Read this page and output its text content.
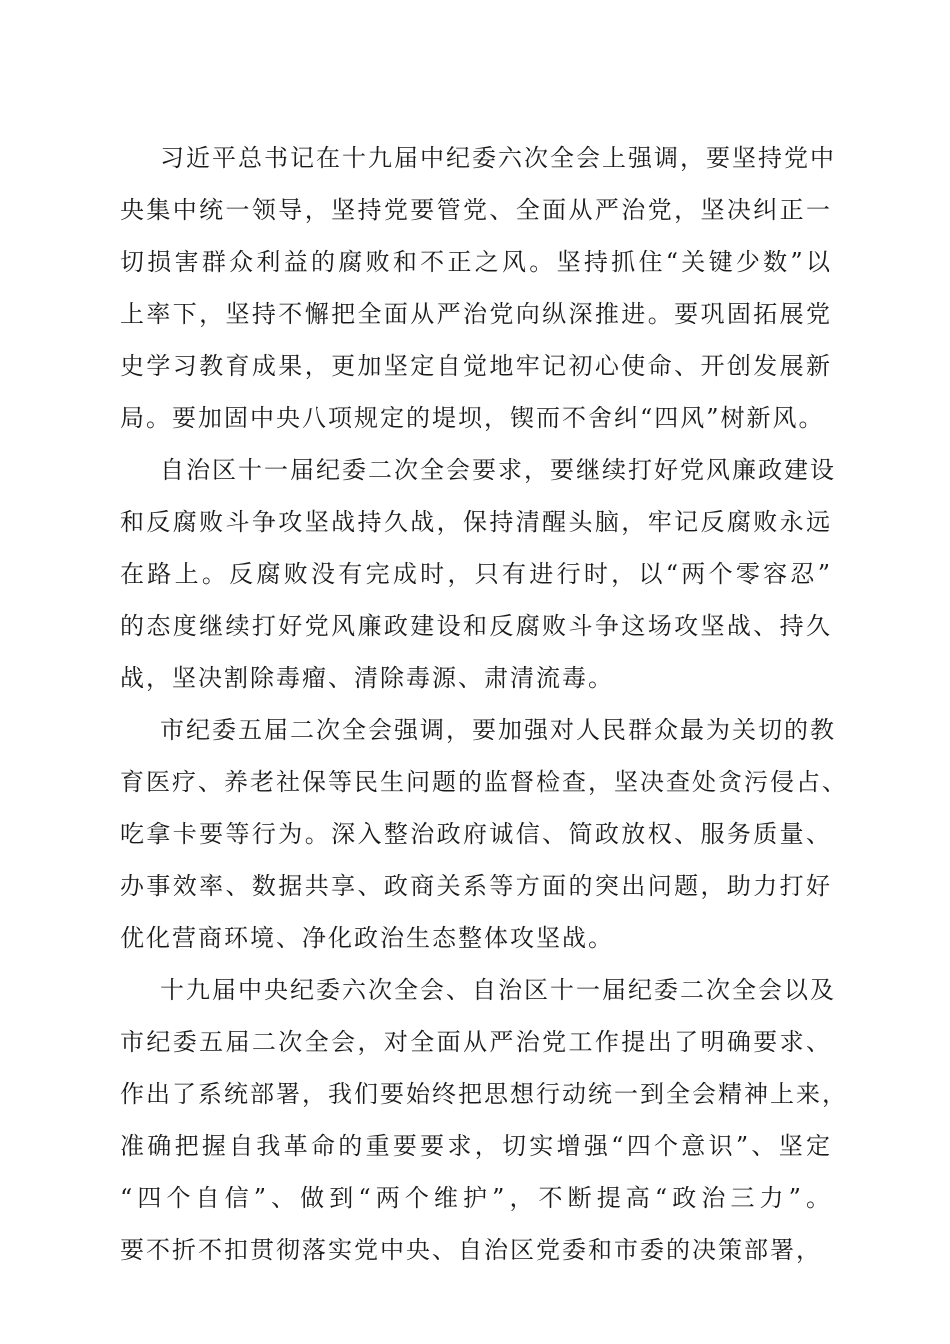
习近平总书记在十九届中纪委六次全会上强调，要坚持党中
央集中统一领导，坚持党要管党、全面从严治党，坚决纠正一
切损害群众利益的腐败和不正之风。坚持抓住“关键少数”以
上率下，坚持不懈把全面从严治党向纵深推进。要巩固拓展党
史学习教育成果，更加坚定自觉地牢记初心使命、开创发展新
局。要加固中央八项规定的堤坝，锲而不舍纠“四风”树新风。
自治区十一届纪委二次全会要求，要继续打好党风廉政建设
和反腐败斗争攻坚战持久战，保持清醒头脑，牢记反腐败永远
在路上。反腐败没有完成时，只有进行时，以“两个零容忍”
的态度继续打好党风廉政建设和反腐败斗争这场攻坚战、持久
战，坚决割除毒瘤、清除毒源、肃清流毒。
市纪委五届二次全会强调，要加强对人民群众最为关切的教
育医疗、养老社保等民生问题的监督检查，坚决查处贪污侵占、
吃拿卡要等行为。深入整治政府诚信、简政放权、服务质量、
办事效率、数据共享、政商关系等方面的突出问题，助力打好
优化营商环境、净化政治生态整体攻坚战。
十九届中央纪委六次全会、自治区十一届纪委二次全会以及
市纪委五届二次全会，对全面从严治党工作提出了明确要求、
作出了系统部署，我们要始终把思想行动统一到全会精神上来，
准确把握自我革命的重要要求，切实增强“四个意识”、坚定
“四个自信”、做到“两个维护”，不断提高“政治三力”。
要不折不扣贯彻落实党中央、自治区党委和市委的决策部署，
